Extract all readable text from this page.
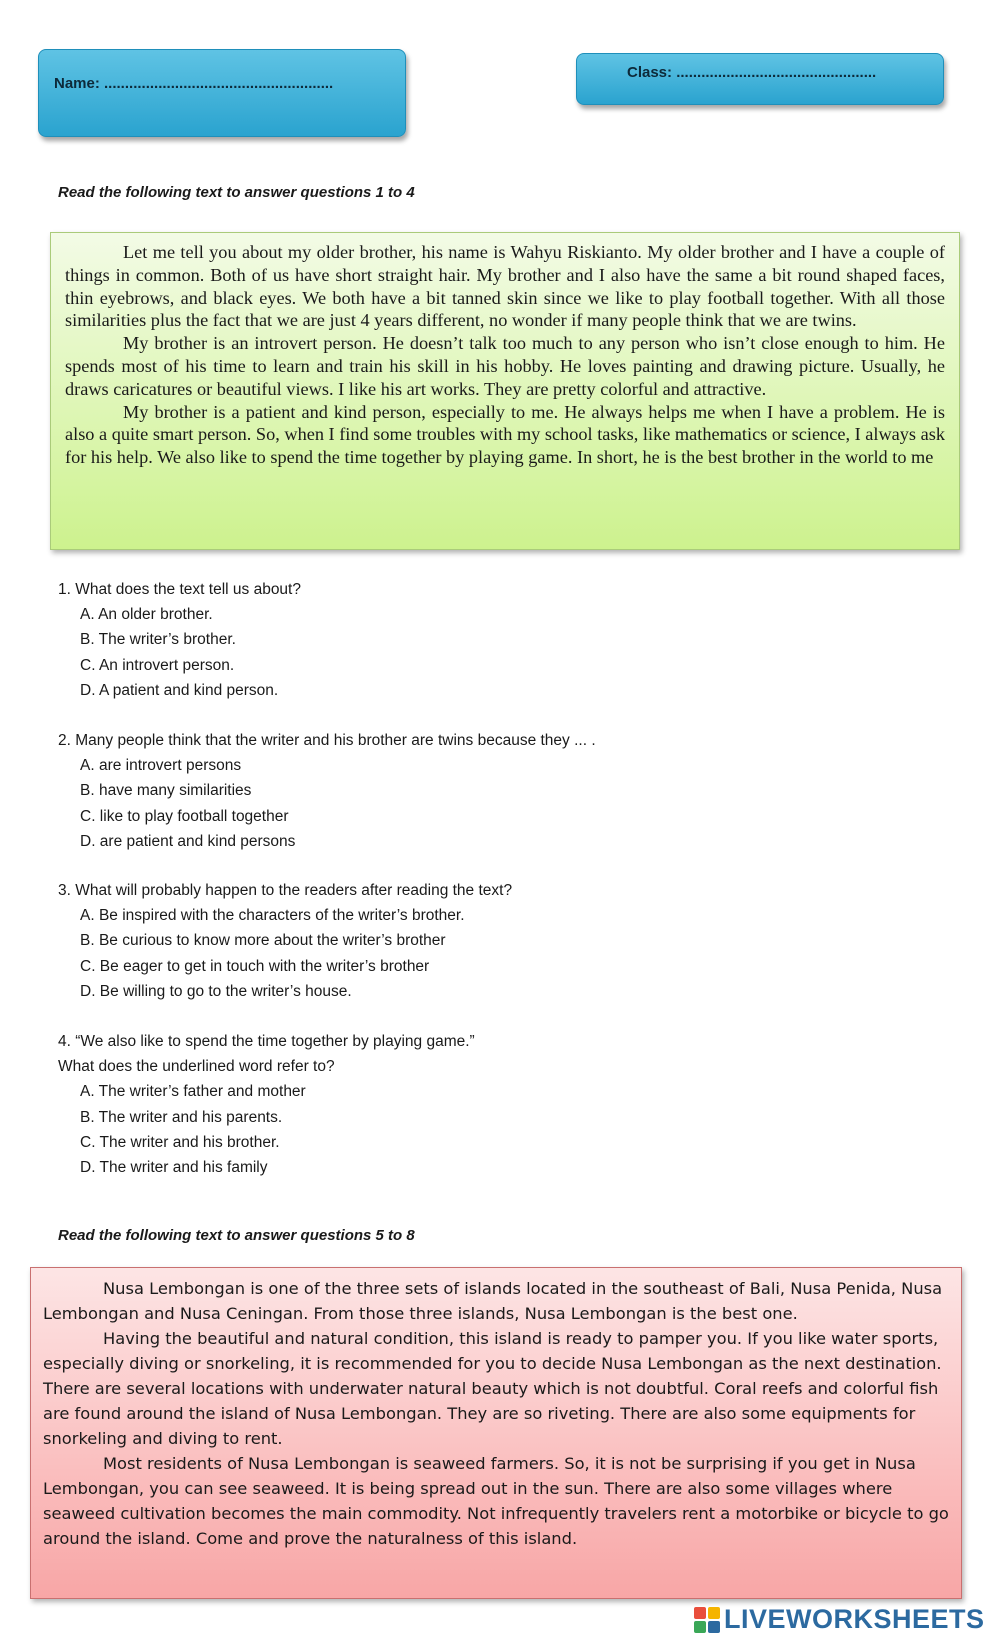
Name: .......................................................
Class: ................................................
Read the following text to answer questions 1 to 4

Let me tell you about my older brother, his name is Wahyu Riskianto. My older brother and I have a couple of things in common. Both of us have short straight hair. My brother and I also have the same a bit round shaped faces, thin eyebrows, and black eyes. We both have a bit tanned skin since we like to play football together. With all those similarities plus the fact that we are just 4 years different, no wonder if many people think that we are twins.

My brother is an introvert person. He doesn’t talk too much to any person who isn’t close enough to him. He spends most of his time to learn and train his skill in his hobby. He loves painting and drawing picture. Usually, he draws caricatures or beautiful views. I like his art works. They are pretty colorful and attractive.

My brother is a patient and kind person, especially to me. He always helps me when I have a problem. He is also a quite smart person. So, when I find some troubles with my school tasks, like mathematics or science, I always ask for his help. We also like to spend the time together by playing game. In short, he is the best brother in the world to me

1. What does the text tell us about?

A. An older brother.

B. The writer’s brother.

C. An introvert person.

D. A patient and kind person.

2. Many people think that the writer and his brother are twins because they ... .

A. are introvert persons

B. have many similarities

C. like to play football together

D. are patient and kind persons

3. What will probably happen to the readers after reading the text?

A. Be inspired with the characters of the writer’s brother.

B. Be curious to know more about the writer’s brother

C. Be eager to get in touch with the writer’s brother

D. Be willing to go to the writer’s house.

4. “We also like to spend the time together by playing game.”

What does the underlined word refer to?

A. The writer’s father and mother

B. The writer and his parents.

C. The writer and his brother.

D. The writer and his family

Read the following text to answer questions 5 to 8

Nusa Lembongan is one of the three sets of islands located in the southeast of Bali, Nusa Penida, Nusa Lembongan and Nusa Ceningan. From those three islands, Nusa Lembongan is the best one.

Having the beautiful and natural condition, this island is ready to pamper you. If you like water sports, especially diving or snorkeling, it is recommended for you to decide Nusa Lembongan as the next destination. There are several locations with underwater natural beauty which is not doubtful. Coral reefs and colorful fish are found around the island of Nusa Lembongan. They are so riveting. There are also some equipments for snorkeling and diving to rent.

Most residents of Nusa Lembongan is seaweed farmers. So, it is not be surprising if you get in Nusa Lembongan, you can see seaweed. It is being spread out in the sun. There are also some villages where seaweed cultivation becomes the main commodity. Not infrequently travelers rent a motorbike or bicycle to go around the island. Come and prove the naturalness of this island.

LIVEWORKSHEETS
